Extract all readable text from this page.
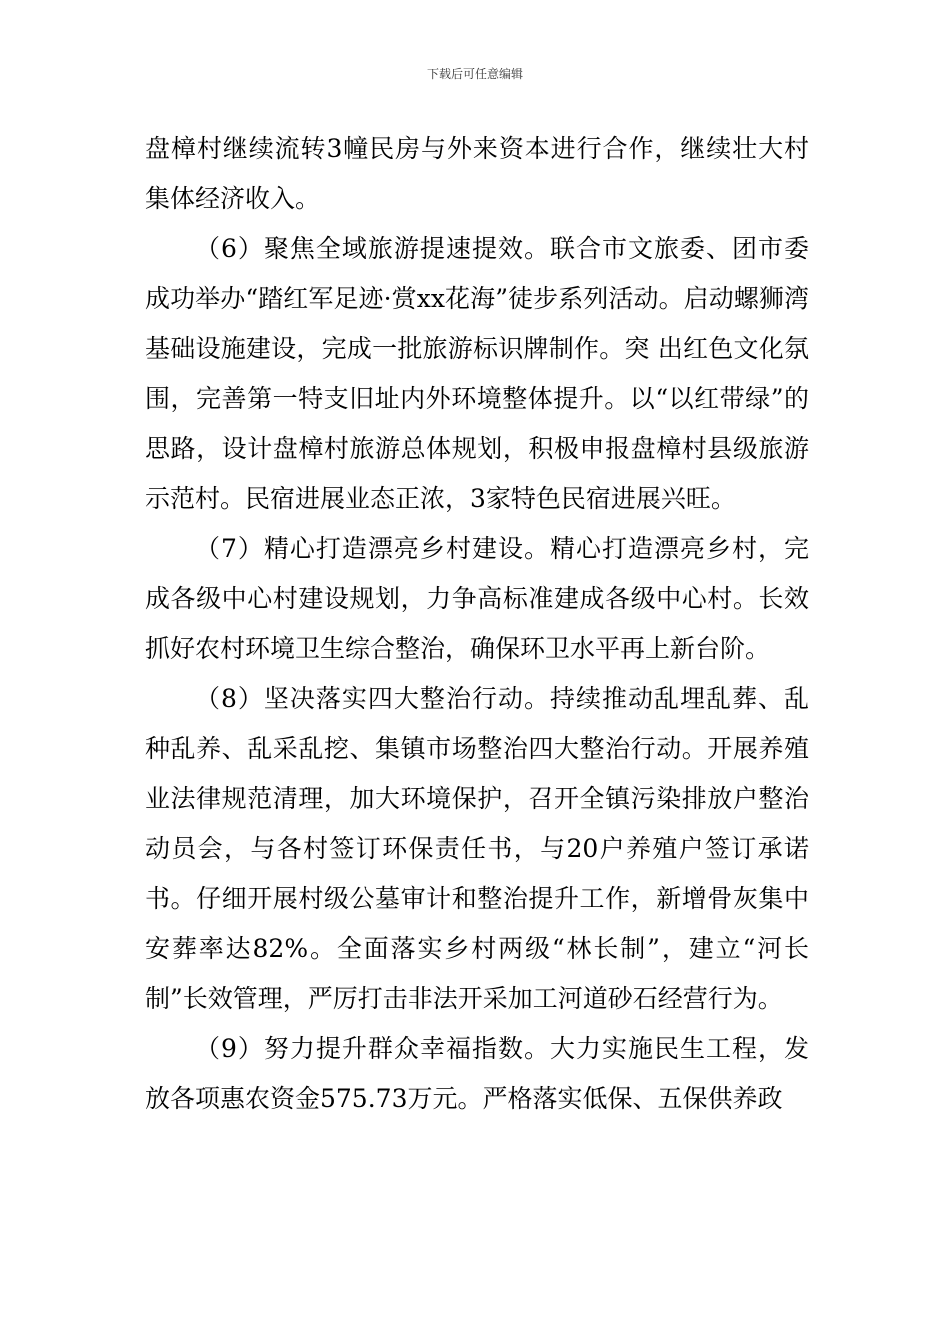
下载后可任意编辑

盘樟村继续流转3幢民房与外来资本进行合作，继续壮大村集体经济收入。

（6）聚焦全域旅游提速提效。联合市文旅委、团市委成功举办“踏红军足迹·赏xx花海”徒步系列活动。启动螺狮湾基础设施建设，完成一批旅游标识牌制作。突 出红色文化氛围，完善第一特支旧址内外环境整体提升。以“以红带绿”的思路，设计盘樟村旅游总体规划，积极申报盘樟村县级旅游示范村。民宿进展业态正浓，3家特色民宿进展兴旺。

（7）精心打造漂亮乡村建设。精心打造漂亮乡村，完成各级中心村建设规划，力争高标准建成各级中心村。长效抓好农村环境卫生综合整治，确保环卫水平再上新台阶。

（8）坚决落实四大整治行动。持续推动乱埋乱葬、乱种乱养、乱采乱挖、集镇市场整治四大整治行动。开展养殖业法律规范清理，加大环境保护，召开全镇污染排放户整治动员会，与各村签订环保责任书，与20户养殖户签订承诺书。仔细开展村级公墓审计和整治提升工作，新增骨灰集中安葬率达82%。全面落实乡村两级“林长制”，建立“河长制”长效管理，严厉打击非法开采加工河道砂石经营行为。

（9）努力提升群众幸福指数。大力实施民生工程，发放各项惠农资金575.73万元。严格落实低保、五保供养政
